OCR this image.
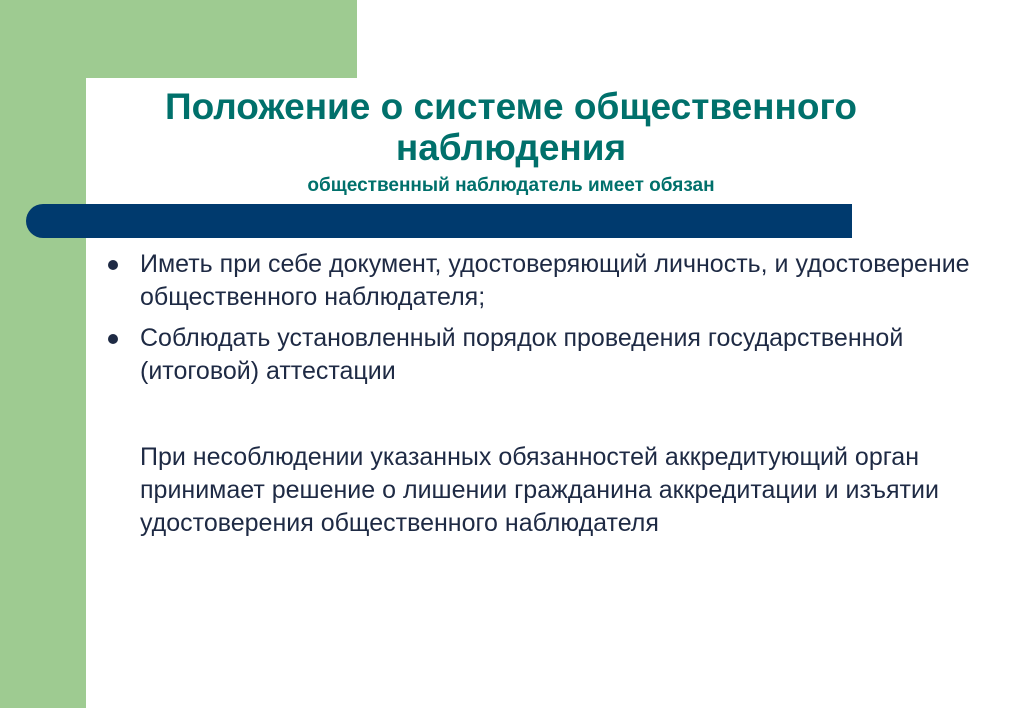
Положение о системе общественного наблюдения
общественный наблюдатель имеет обязан
Иметь при себе документ, удостоверяющий личность, и удостоверение общественного наблюдателя;
Соблюдать установленный порядок проведения государственной (итоговой) аттестации
При несоблюдении указанных обязанностей аккредитующий орган принимает решение о лишении гражданина аккредитации и изъятии удостоверения общественного наблюдателя
